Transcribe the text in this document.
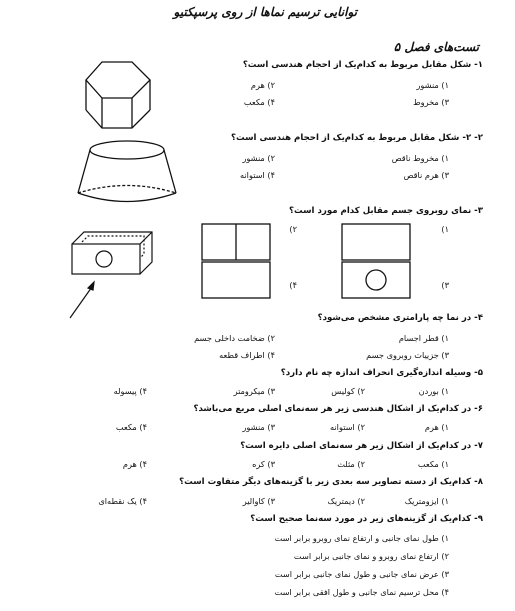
توانایی ترسیم نماها از روی پرسپکتیو
تست‌های فصل ۵
۱- شکل مقابل مربوط به کدام‌یک از احجام هندسی است؟
۱) منشور
۲) هرم
۳) مخروط
۴) مکعب
۲- ۲- شکل مقابل مربوط به کدام‌یک از احجام هندسی است؟
۱) مخروط ناقص
۲) منشور
۳) هرم ناقص
۴) استوانه
۳- نمای روبروی جسم مقابل کدام مورد است؟
۱)
۲)
۳)
۴)
۴- در نما چه پارامتری مشخص می‌شود؟
۱) قطر اجسام
۲) ضخامت داخلی جسم
۳) جزییات روبروی جسم
۴) اطراف قطعه
۵- وسیله اندازه‌گیری انحراف اندازه چه نام دارد؟
۱) بوردن
۲) کولیس
۳) میکرومتر
۴) پیسوله
۶- در کدام‌یک از اشکال هندسی زیر هر سه‌نمای اصلی مربع می‌باشد؟
۱) هرم
۲) استوانه
۳) منشور
۴) مکعب
۷- در کدام‌یک از اشکال زیر هر سه‌نمای اصلی دایره است؟
۱) مکعب
۲) مثلث
۳) کره
۴) هرم
۸- کدام‌یک از دسته تصاویر سه بعدی زیر با گزینه‌های دیگر متفاوت است؟
۱) ایزومتریک
۲) دیمتریک
۳) کاوالیر
۴) یک نقطه‌ای
۹- کدام‌یک از گزینه‌های زیر در مورد سه‌نما صحیح است؟
۱) طول نمای جانبی و ارتفاع نمای روبرو برابر است
۲) ارتفاع نمای روبرو و نمای جانبی برابر است
۳) عرض نمای جانبی و طول نمای جانبی برابر است
۴) محل ترسیم نمای جانبی و طول افقی برابر است
